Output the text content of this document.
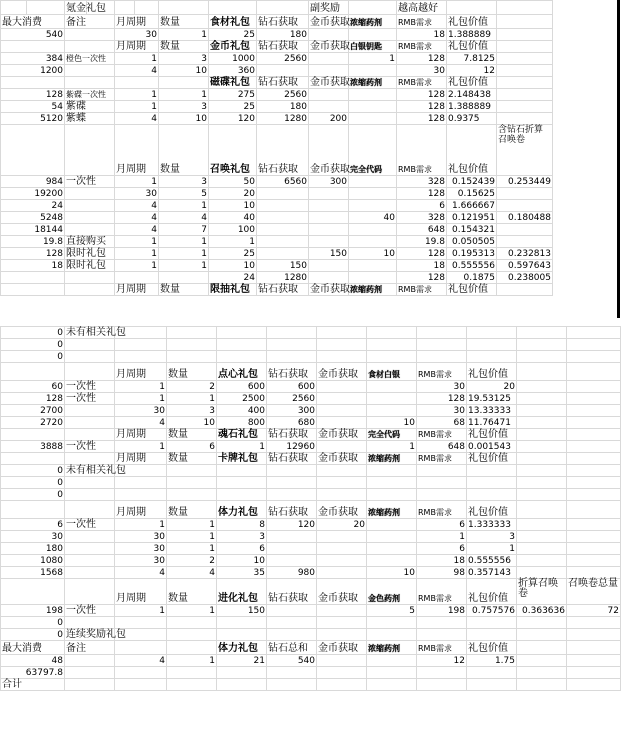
		氪金礼包							副奖励		越高越好			
最大消费		备注		月周期		数量	食材礼包	钻石获取	金币获取	浓缩药剂	RMB需求	礼包价值		
540				30		1	25	180			18	1.388889		
				月周期		数量	金币礼包	钻石获取	金币获取	白银钥匙	RMB需求	礼包价值		
384		橙色一次性		1		3	1000	2560		1	128	7.8125		
1200				4		10	360				30	12		
							磁碟礼包	钻石获取	金币获取	浓缩药剂	RMB需求	礼包价值		
128		紫碟一次性		1		1	275	2560			128	2.148438		
54		紫碟		1		3	25	180			128	1.388889		
5120		紫蝶		4		10	120	1280	200		128	0.9375		
				月周期		数量	召唤礼包	钻石获取	金币获取	完全代码	RMB需求	礼包价值	含钻石折算召唤卷	
984		一次性		1		3	50	6560	300		328	0.152439	0.253449	
19200				30		5	20				128	0.15625		
24				4		1	10				6	1.666667		
5248				4		4	40			40	328	0.121951	0.180488	
18144				4		7	100				648	0.154321		
19.8		直接购买		1		1	1				19.8	0.050505		
128		限时礼包		1		1	25		150	10	128	0.195313	0.232813	
18		限时礼包		1		1	10	150			18	0.555556	0.597643	
							24	1280			128	0.1875	0.238005	
				月周期		数量	限抽礼包	钻石获取	金币获取	浓缩药剂	RMB需求	礼包价值		
0	未有相关礼包										
0											
0											
		月周期	数量	点心礼包	钻石获取	金币获取	食材白银	RMB需求	礼包价值		
60	一次性	1	2	600	600			30	20		
128	一次性	1	1	2500	2560			128	19.53125		
2700		30	3	400	300			30	13.33333		
2720		4	10	800	680		10	68	11.76471		
		月周期	数量	魂石礼包	钻石获取	金币获取	完全代码	RMB需求	礼包价值		
3888	一次性	1	6	1	12960		1	648	0.001543		
		月周期	数量	卡牌礼包	钻石获取	金币获取	浓缩药剂	RMB需求	礼包价值		
0	未有相关礼包										
0											
0											
		月周期	数量	体力礼包	钻石获取	金币获取	浓缩药剂	RMB需求	礼包价值		
6	一次性	1	1	8	120	20		6	1.333333		
30		30	1	3				1	3		
180		30	1	6				6	1		
1080		30	2	10				18	0.555556		
1568		4	4	35	980		10	98	0.357143		
		月周期	数量	进化礼包	钻石获取	金币获取	金色药剂	RMB需求	礼包价值	折算召唤卷	召唤卷总量
198	一次性	1	1	150			5	198	0.757576	0.363636	72
0											
0	连续奖励礼包										
最大消费	备注			体力礼包	钻石总和	金币获取	浓缩药剂	RMB需求	礼包价值		
48		4	1	21	540			12	1.75		
63797.8											
合计											
